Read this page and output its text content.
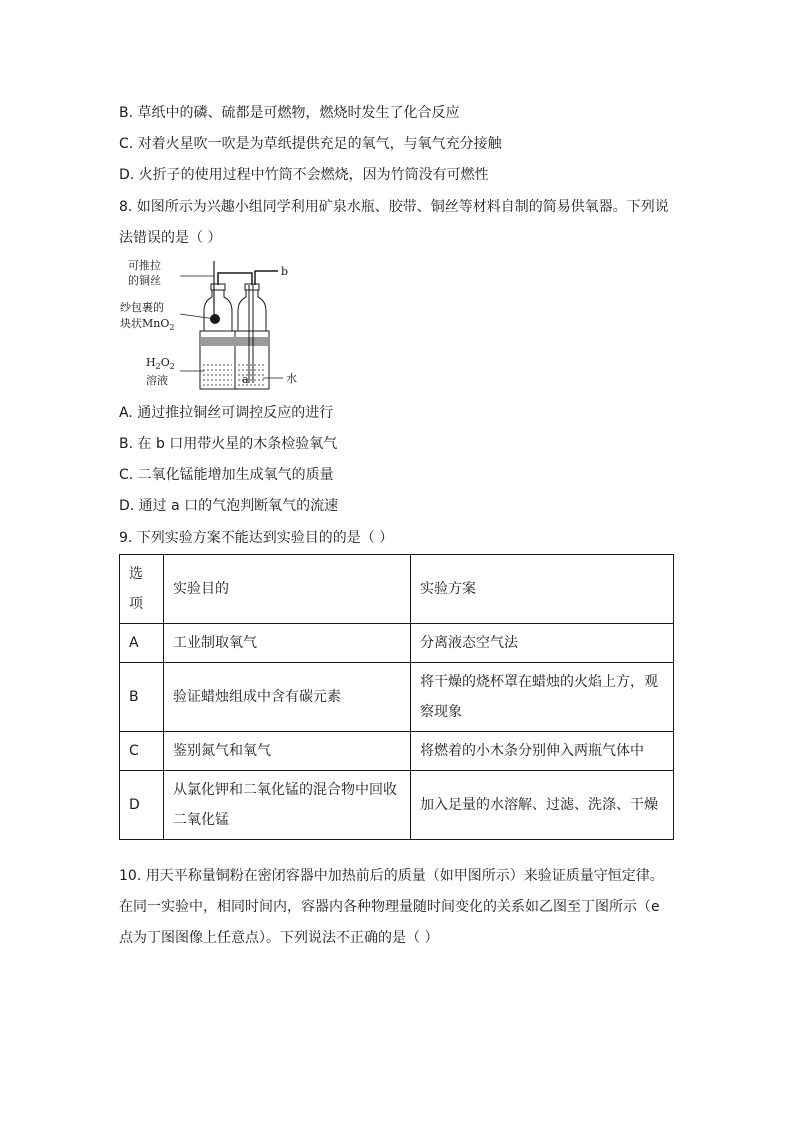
B. 草纸中的磷、硫都是可燃物，燃烧时发生了化合反应
C. 对着火星吹一吹是为草纸提供充足的氧气，与氧气充分接触
D. 火折子的使用过程中竹筒不会燃烧，因为竹筒没有可燃性
8. 如图所示为兴趣小组同学利用矿泉水瓶、胶带、铜丝等材料自制的简易供氧器。下列说
法错误的是（ ）
可推拉
的铜丝
纱包裹的
块状MnO$_2$
$H_2O_2$
溶液
b
a	水
A. 通过推拉铜丝可调控反应的进行
B. 在 b 口用带火星的木条检验氧气
C. 二氧化锰能增加生成氧气的质量
D. 通过 a 口的气泡判断氧气的流速
9. 下列实验方案不能达到实验目的的是（ ）
选项	实验目的	实验方案
A	工业制取氧气	分离液态空气法
B	验证蜡烛组成中含有碳元素	将干燥的烧杯罩在蜡烛的火焰上方，观察现象
C	鉴别氮气和氧气	将燃着的小木条分别伸入两瓶气体中
D	从氯化钾和二氧化锰的混合物中回收二氧化锰	加入足量的水溶解、过滤、洗涤、干燥
10. 用天平称量铜粉在密闭容器中加热前后的质量（如甲图所示）来验证质量守恒定律。
在同一实验中，相同时间内，容器内各种物理量随时间变化的关系如乙图至丁图所示（e
点为丁图图像上任意点）。下列说法不正确的是（ ）
